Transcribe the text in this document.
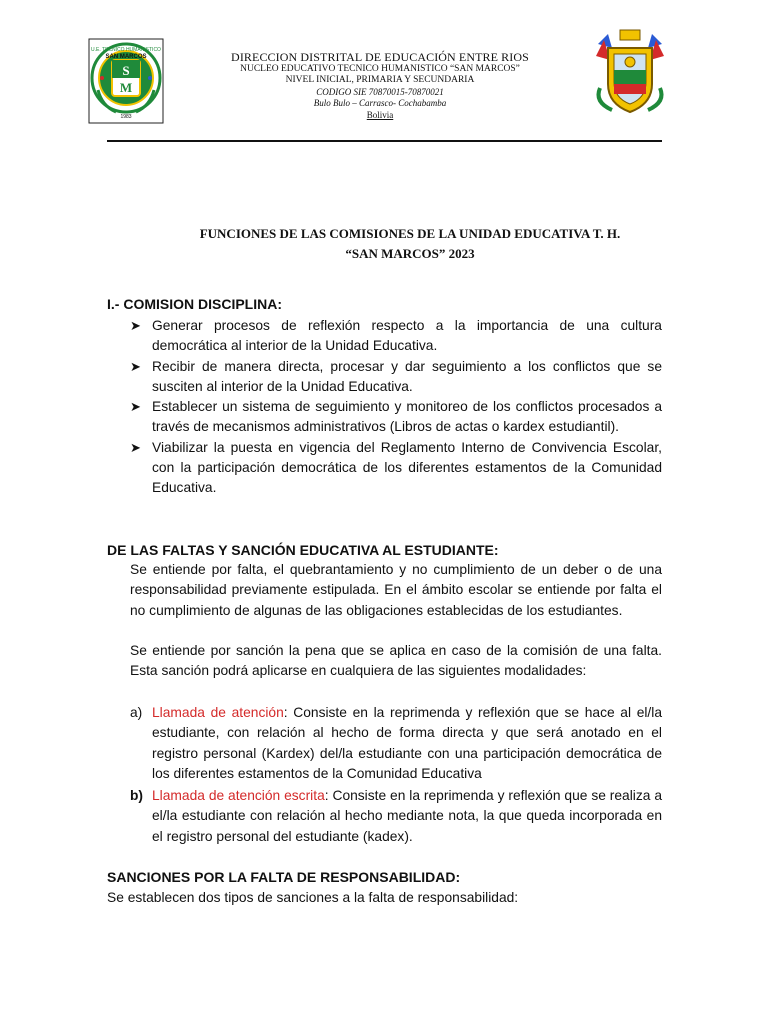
S
M
U.E. TECNICO HUMANISTICO
SAN MARCOS
1983
DIRECCION DISTRITAL DE EDUCACIÓN ENTRE RIOS
NUCLEO EDUCATIVO TECNICO HUMANISTICO “SAN MARCOS”
NIVEL INICIAL, PRIMARIA Y SECUNDARIA
CODIGO SIE 70870015-70870021
Bulo Bulo – Carrasco- Cochabamba
Bolivia
FUNCIONES DE LAS COMISIONES DE LA UNIDAD EDUCATIVA T. H.
“SAN MARCOS” 2023
I.- COMISION DISCIPLINA:
➤ Generar procesos de reflexión respecto a la importancia de una cultura democrática al interior de la Unidad Educativa.
➤ Recibir de manera directa, procesar y dar seguimiento a los conflictos que se susciten al interior de la Unidad Educativa.
➤ Establecer un sistema de seguimiento y monitoreo de los conflictos procesados a través de mecanismos administrativos (Libros de actas o kardex estudiantil).
➤ Viabilizar la puesta en vigencia del Reglamento Interno de Convivencia Escolar, con la participación democrática de los diferentes estamentos de la Comunidad Educativa.
DE LAS FALTAS Y SANCIÓN EDUCATIVA AL ESTUDIANTE:
Se entiende por falta, el quebrantamiento y no cumplimiento de un deber o de una responsabilidad previamente estipulada. En el ámbito escolar se entiende por falta el no cumplimiento de algunas de las obligaciones establecidas de los estudiantes.
Se entiende por sanción la pena que se aplica en caso de la comisión de una falta. Esta sanción podrá aplicarse en cualquiera de las siguientes modalidades:
a) Llamada de atención: Consiste en la reprimenda y reflexión que se hace al el/la estudiante, con relación al hecho de forma directa y que será anotado en el registro personal (Kardex) del/la estudiante con una participación democrática de los diferentes estamentos de la Comunidad Educativa
b) Llamada de atención escrita: Consiste en la reprimenda y reflexión que se realiza a el/la estudiante con relación al hecho mediante nota, la que queda incorporada en el registro personal del estudiante (kadex).
SANCIONES POR LA FALTA DE RESPONSABILIDAD:
Se establecen dos tipos de sanciones a la falta de responsabilidad:
